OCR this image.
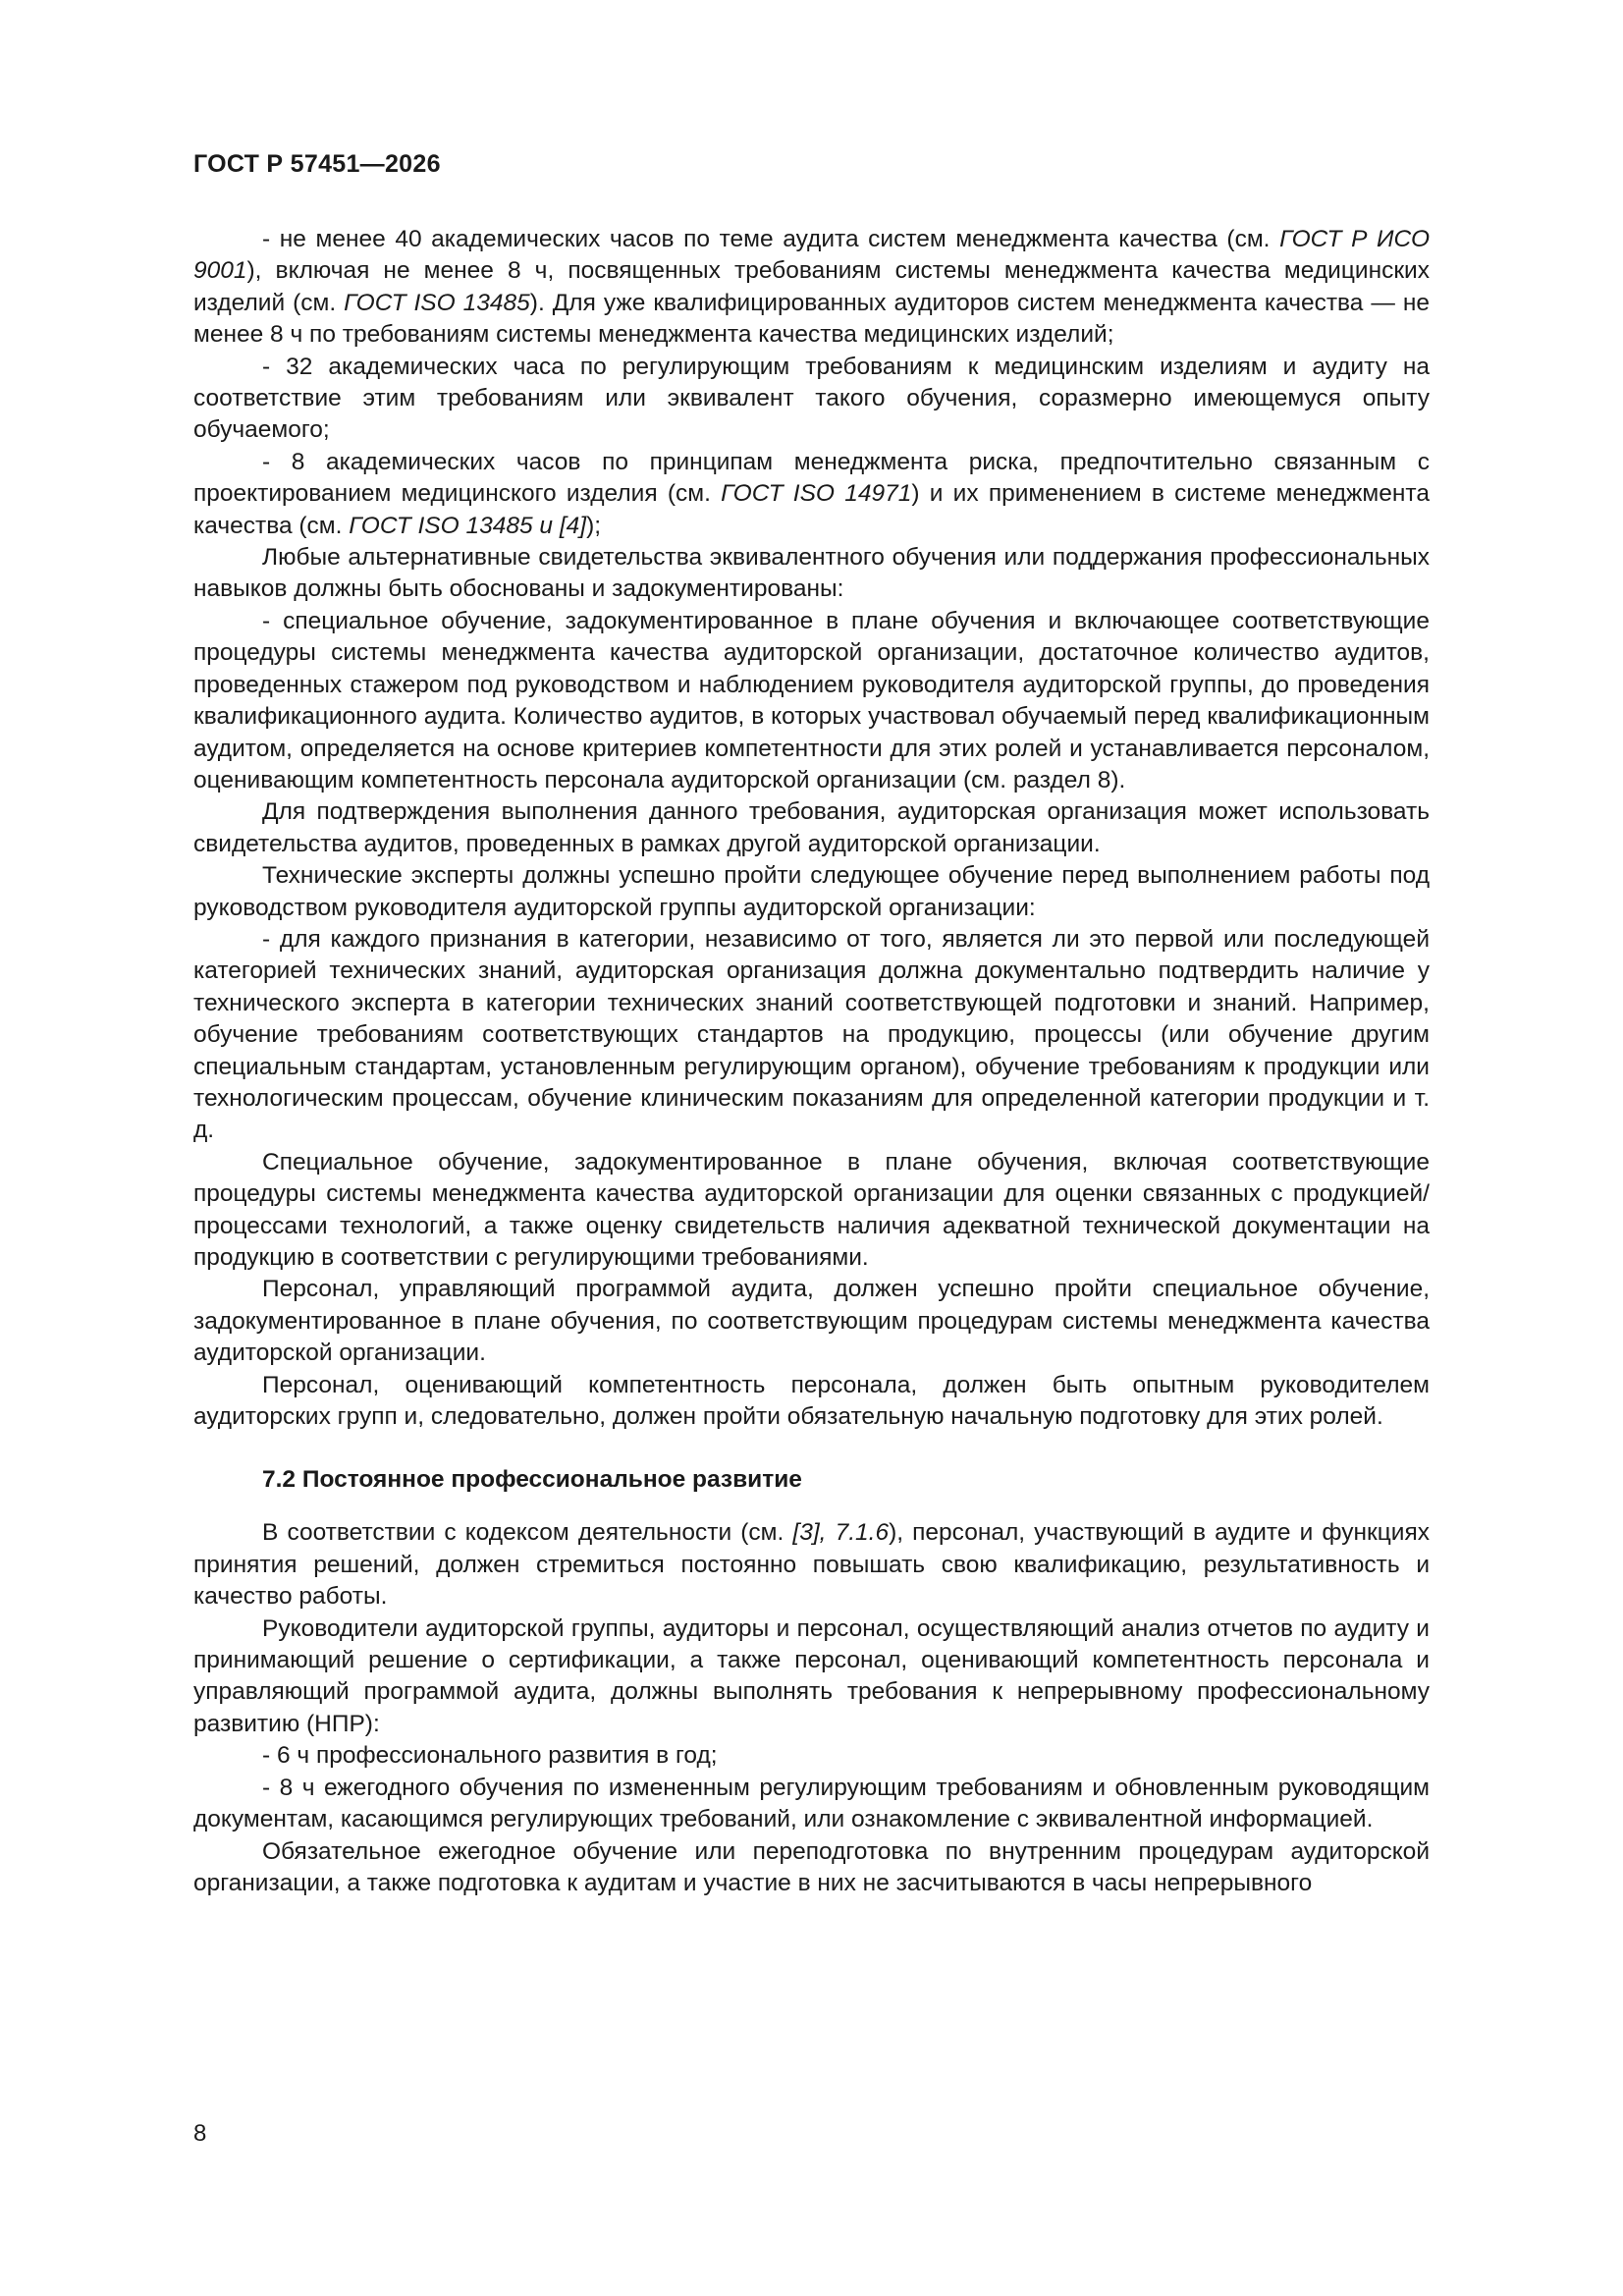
ГОСТ Р 57451—2026

- не менее 40 академических часов по теме аудита систем менеджмента качества (см. ГОСТ Р ИСО 9001), включая не менее 8 ч, посвященных требованиям системы менеджмента качества медицинских изделий (см. ГОСТ ISO 13485). Для уже квалифицированных аудиторов систем менеджмента качества — не менее 8 ч по требованиям системы менеджмента качества медицинских изделий;

- 32 академических часа по регулирующим требованиям к медицинским изделиям и аудиту на соответствие этим требованиям или эквивалент такого обучения, соразмерно имеющемуся опыту обучаемого;

- 8 академических часов по принципам менеджмента риска, предпочтительно связанным с проектированием медицинского изделия (см. ГОСТ ISO 14971) и их применением в системе менеджмента качества (см. ГОСТ ISO 13485 и [4]);

Любые альтернативные свидетельства эквивалентного обучения или поддержания профессиональных навыков должны быть обоснованы и задокументированы:

- специальное обучение, задокументированное в плане обучения и включающее соответствующие процедуры системы менеджмента качества аудиторской организации, достаточное количество аудитов, проведенных стажером под руководством и наблюдением руководителя аудиторской группы, до проведения квалификационного аудита. Количество аудитов, в которых участвовал обучаемый перед квалификационным аудитом, определяется на основе критериев компетентности для этих ролей и устанавливается персоналом, оценивающим компетентность персонала аудиторской организации (см. раздел 8).

Для подтверждения выполнения данного требования, аудиторская организация может использовать свидетельства аудитов, проведенных в рамках другой аудиторской организации.

Технические эксперты должны успешно пройти следующее обучение перед выполнением работы под руководством руководителя аудиторской группы аудиторской организации:

- для каждого признания в категории, независимо от того, является ли это первой или последующей категорией технических знаний, аудиторская организация должна документально подтвердить наличие у технического эксперта в категории технических знаний соответствующей подготовки и знаний. Например, обучение требованиям соответствующих стандартов на продукцию, процессы (или обучение другим специальным стандартам, установленным регулирующим органом), обучение требованиям к продукции или технологическим процессам, обучение клиническим показаниям для определенной категории продукции и т. д.

Специальное обучение, задокументированное в плане обучения, включая соответствующие процедуры системы менеджмента качества аудиторской организации для оценки связанных с продукцией/процессами технологий, а также оценку свидетельств наличия адекватной технической документации на продукцию в соответствии с регулирующими требованиями.

Персонал, управляющий программой аудита, должен успешно пройти специальное обучение, задокументированное в плане обучения, по соответствующим процедурам системы менеджмента качества аудиторской организации.

Персонал, оценивающий компетентность персонала, должен быть опытным руководителем аудиторских групп и, следовательно, должен пройти обязательную начальную подготовку для этих ролей.

7.2 Постоянное профессиональное развитие

В соответствии с кодексом деятельности (см. [3], 7.1.6), персонал, участвующий в аудите и функциях принятия решений, должен стремиться постоянно повышать свою квалификацию, результативность и качество работы.

Руководители аудиторской группы, аудиторы и персонал, осуществляющий анализ отчетов по аудиту и принимающий решение о сертификации, а также персонал, оценивающий компетентность персонала и управляющий программой аудита, должны выполнять требования к непрерывному профессиональному развитию (НПР):

- 6 ч профессионального развития в год;

- 8 ч ежегодного обучения по измененным регулирующим требованиям и обновленным руководящим документам, касающимся регулирующих требований, или ознакомление с эквивалентной информацией.

Обязательное ежегодное обучение или переподготовка по внутренним процедурам аудиторской организации, а также подготовка к аудитам и участие в них не засчитываются в часы непрерывного

8
